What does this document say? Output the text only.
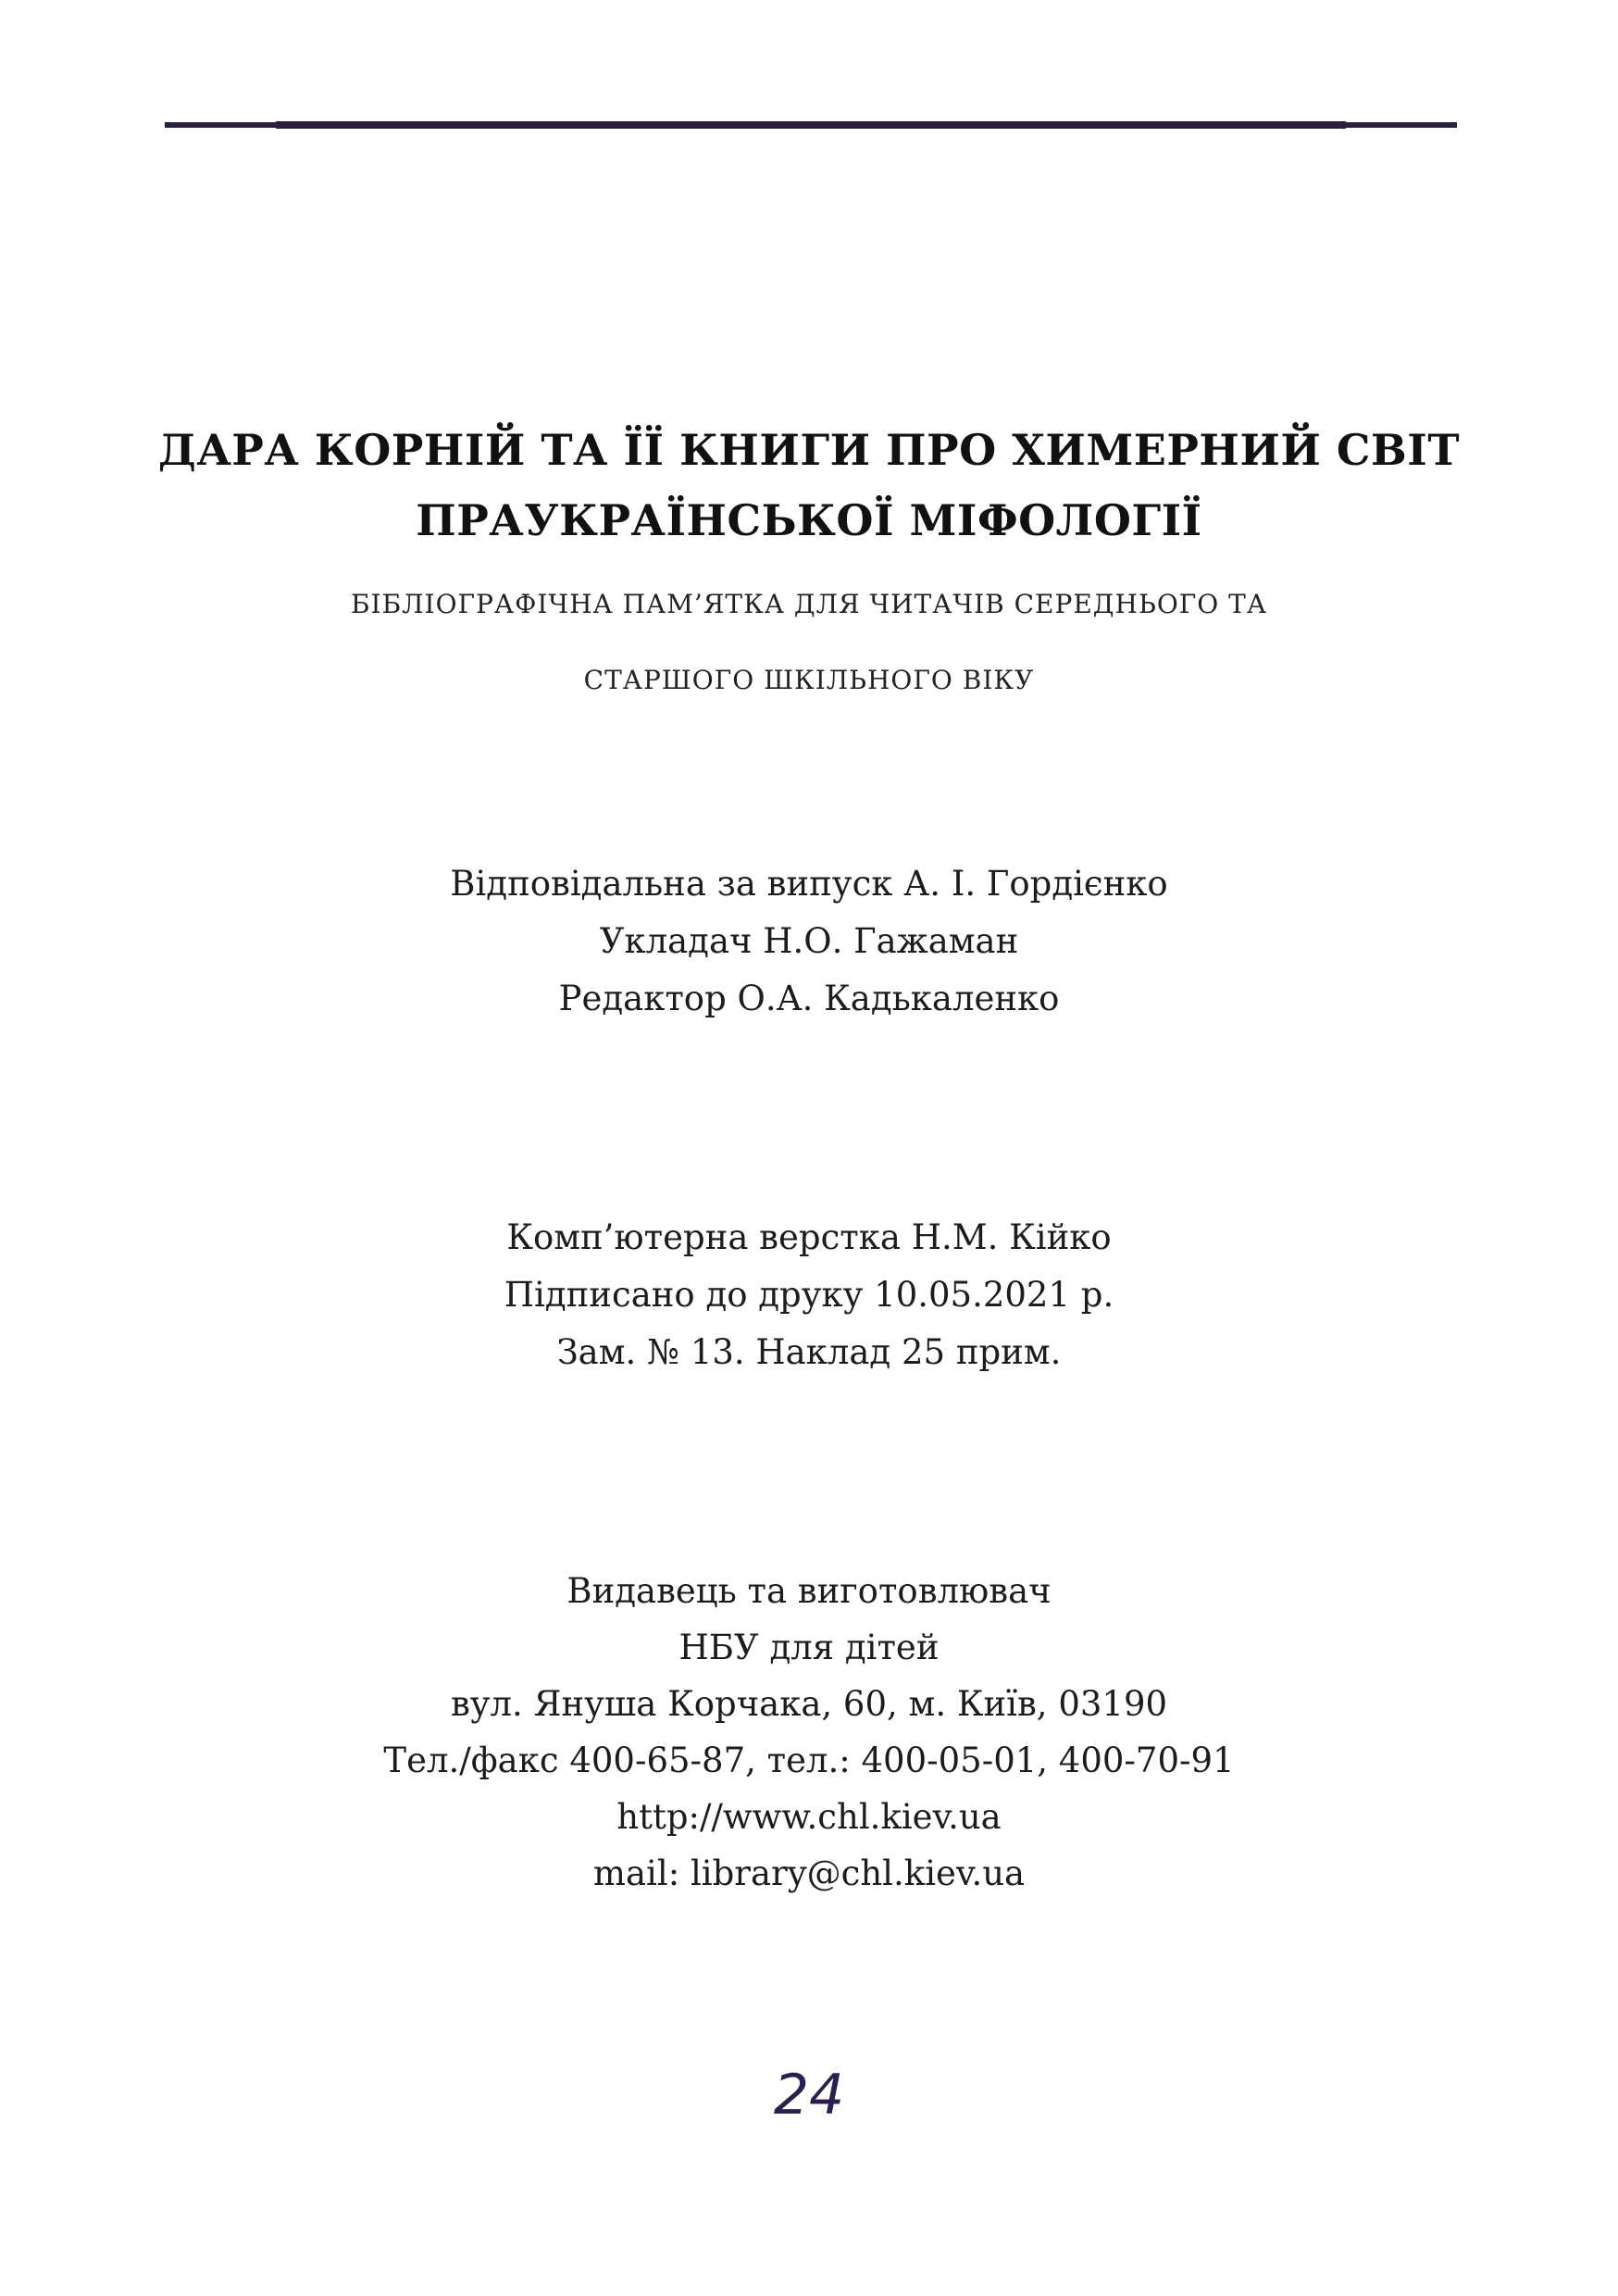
ДАРА КОРНІЙ ТА ЇЇ КНИГИ ПРО ХИМЕРНИЙ СВІТ
ПРАУКРАЇНСЬКОЇ МІФОЛОГІЇ
БІБЛІОГРАФІЧНА ПАМ’ЯТКА ДЛЯ ЧИТАЧІВ СЕРЕДНЬОГО ТА
СТАРШОГО ШКІЛЬНОГО ВІКУ
Відповідальна за випуск А. І. Гордієнко
Укладач Н.О. Гажаман
Редактор О.А. Кадькаленко
Комп’ютерна верстка Н.М. Кійко
Підписано до друку 10.05.2021 р.
Зам. № 13. Наклад 25 прим.
Видавець та виготовлювач
НБУ для дітей
вул. Януша Корчака, 60, м. Київ, 03190
Тел./факс 400-65-87, тел.: 400-05-01, 400-70-91
http://www.chl.kiev.ua
mail: library@chl.kiev.ua
24
